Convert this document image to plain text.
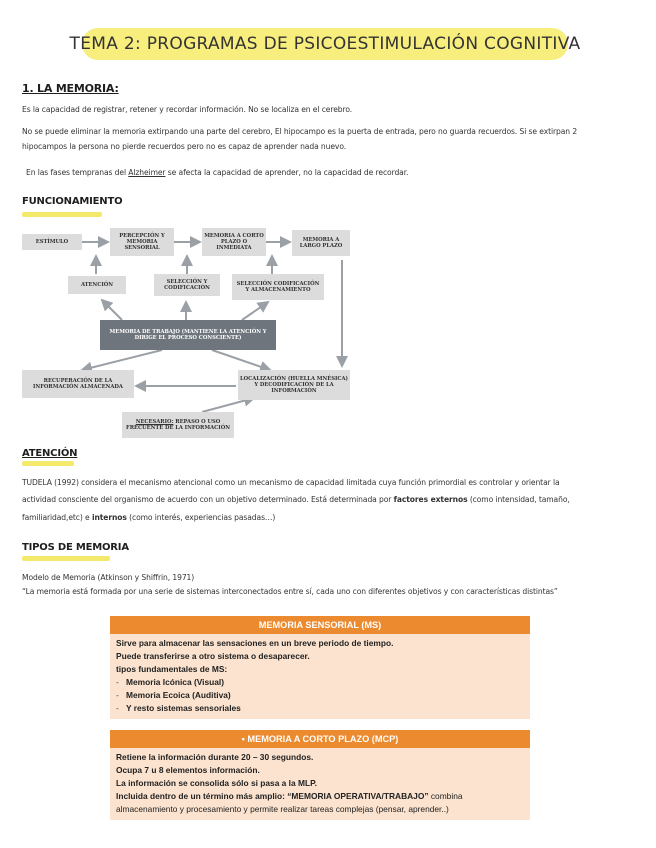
TEMA 2: PROGRAMAS DE PSICOESTIMULACIÓN COGNITIVA
1. LA MEMORIA:
Es la capacidad de registrar, retener y recordar información. No se localiza en el cerebro.
No se puede eliminar la memoria extirpando una parte del cerebro, El hipocampo es la puerta de entrada, pero no guarda recuerdos. Si se extirpan 2
hipocampos la persona no pierde recuerdos pero no es capaz de aprender nada nuevo.
En las fases tempranas del Alzheimer se afecta la capacidad de aprender, no la capacidad de recordar.
FUNCIONAMIENTO
ESTÍMULO
PERCEPCIÓN Y MEMORIA SENSORIAL
MEMORIA A CORTO PLAZO O INMEDIATA
MEMORIA A LARGO PLAZO
ATENCIÓN	SELECCIÓN Y CODIFICACIÓN
SELECCIÓN CODIFICACIÓN Y ALMACENAMIENTO
MEMORIA DE TRABAJO (MANTIENE LA ATENCIÓN Y DIRIGE EL PROCESO CONSCIENTE)
RECUPERACIÓN DE LA INFORMACIÓN ALMACENADA
LOCALIZACIÓN (HUELLA MNÉSICA) Y DECODIFICACIÓN DE LA INFORMACIÓN
NECESARIO: REPASO O USO FRECUENTE DE LA INFORMACIÓN
ATENCIÓN
TUDELA (1992) considera el mecanismo atencional como un mecanismo de capacidad limitada cuya función primordial es controlar y orientar la
actividad consciente del organismo de acuerdo con un objetivo determinado. Está determinada por factores externos (como intensidad, tamaño,
familiaridad,etc) e internos (como interés, experiencias pasadas…)
TIPOS DE MEMORIA
Modelo de Memoria (Atkinson y Shiffrin, 1971)
“La memoria está formada por una serie de sistemas interconectados entre sí, cada uno con diferentes objetivos y con características distintas”
MEMORIA SENSORIAL (MS)
Sirve para almacenar las sensaciones en un breve periodo de tiempo.
Puede transferirse a otro sistema o desaparecer.
tipos fundamentales de MS:
- Memoria Icónica (Visual)
- Memoria Ecoica (Auditiva)
- Y resto sistemas sensoriales
• MEMORIA A CORTO PLAZO (MCP)
Retiene la información durante 20 – 30 segundos.
Ocupa 7 u 8 elementos información.
La información se consolida sólo si pasa a la MLP.
Incluida dentro de un término más amplio: “MEMORIA OPERATIVA/TRABAJO” combina
almacenamiento y procesamiento y permite realizar tareas complejas (pensar, aprender..)
